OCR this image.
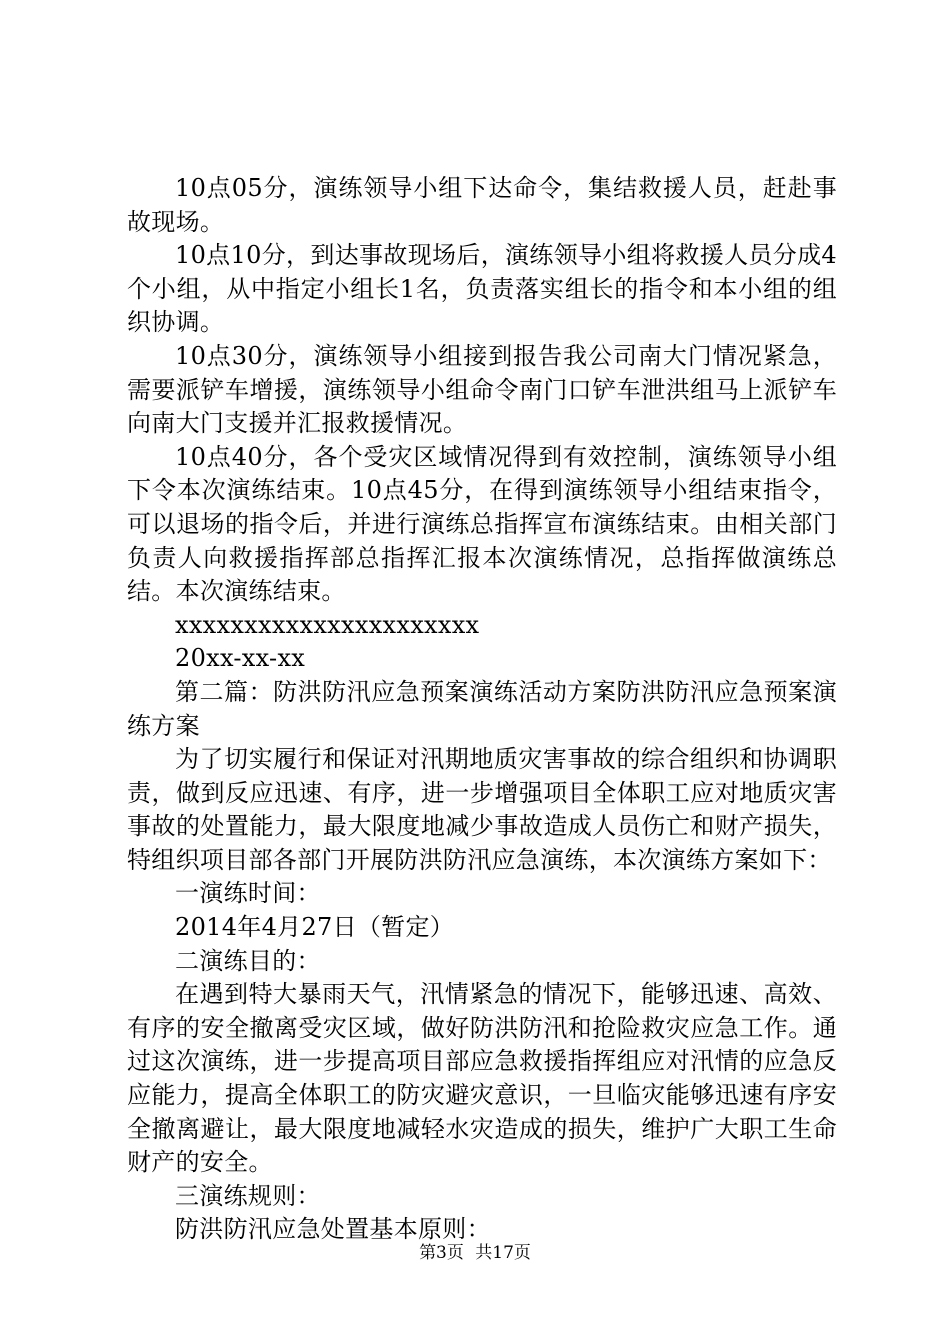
10点05分，演练领导小组下达命令，集结救援人员，赶赴事故现场。

10点10分，到达事故现场后，演练领导小组将救援人员分成4个小组，从中指定小组长1名，负责落实组长的指令和本小组的组织协调。

10点30分，演练领导小组接到报告我公司南大门情况紧急，需要派铲车增援，演练领导小组命令南门口铲车泄洪组马上派铲车向南大门支援并汇报救援情况。

10点40分，各个受灾区域情况得到有效控制，演练领导小组下令本次演练结束。10点45分，在得到演练领导小组结束指令，可以退场的指令后，并进行演练总指挥宣布演练结束。由相关部门负责人向救援指挥部总指挥汇报本次演练情况，总指挥做演练总结。本次演练结束。

xxxxxxxxxxxxxxxxxxxxxx

20xx-xx-xx

第二篇：防洪防汛应急预案演练活动方案防洪防汛应急预案演练方案

为了切实履行和保证对汛期地质灾害事故的综合组织和协调职责，做到反应迅速、有序，进一步增强项目全体职工应对地质灾害事故的处置能力，最大限度地减少事故造成人员伤亡和财产损失，特组织项目部各部门开展防洪防汛应急演练，本次演练方案如下：

一演练时间：

2014年4月27日（暂定）

二演练目的：

在遇到特大暴雨天气，汛情紧急的情况下，能够迅速、高效、有序的安全撤离受灾区域，做好防洪防汛和抢险救灾应急工作。通过这次演练，进一步提高项目部应急救援指挥组应对汛情的应急反应能力，提高全体职工的防灾避灾意识，一旦临灾能够迅速有序安全撤离避让，最大限度地减轻水灾造成的损失，维护广大职工生命财产的安全。

三演练规则：

防洪防汛应急处置基本原则：

第3页 共17页
